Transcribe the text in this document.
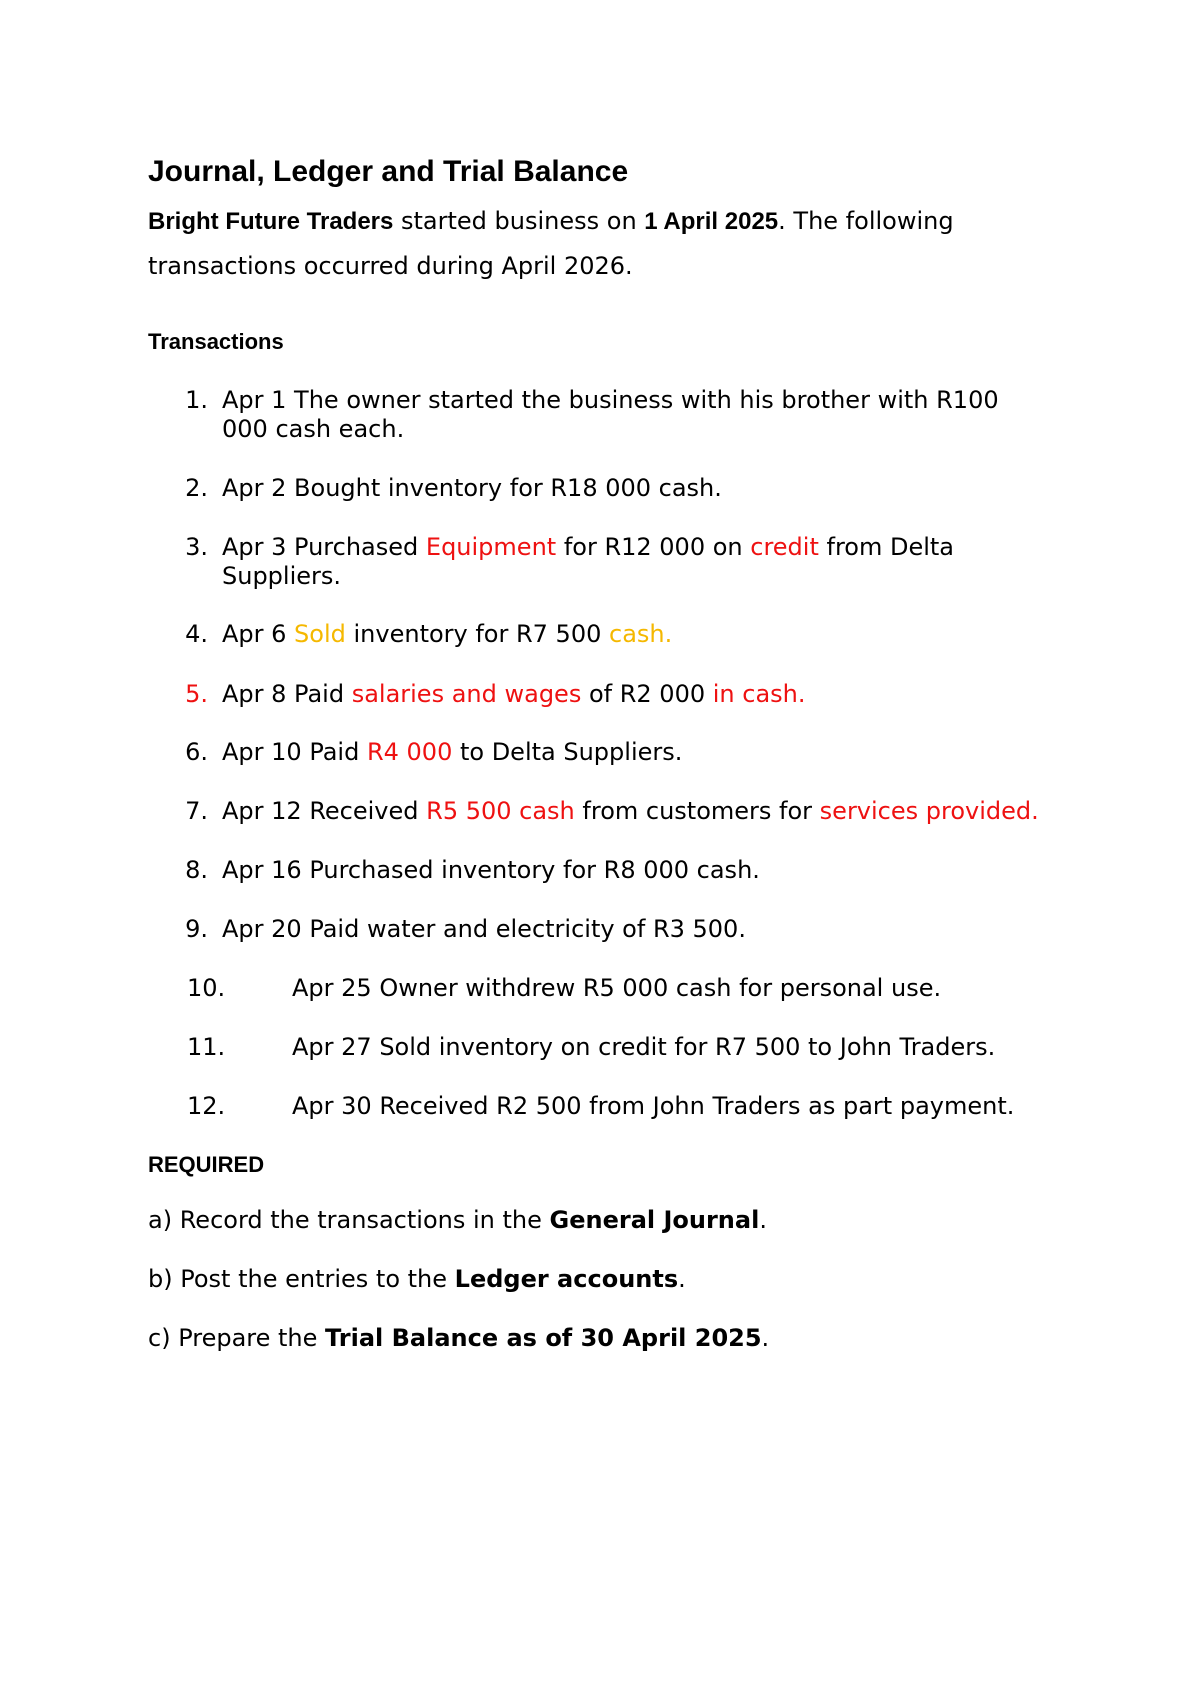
Journal, Ledger and Trial Balance
Bright Future Traders started business on 1 April 2025. The following
transactions occurred during April 2026.
Transactions
1. Apr 1 The owner started the business with his brother with R100
000 cash each.
2. Apr 2 Bought inventory for R18 000 cash.
3. Apr 3 Purchased Equipment for R12 000 on credit from Delta
Suppliers.
4. Apr 6 Sold inventory for R7 500 cash.
5. Apr 8 Paid salaries and wages of R2 000 in cash.
6. Apr 10 Paid R4 000 to Delta Suppliers.
7. Apr 12 Received R5 500 cash from customers for services provided.
8. Apr 16 Purchased inventory for R8 000 cash.
9. Apr 20 Paid water and electricity of R3 500.
10.	Apr 25 Owner withdrew R5 000 cash for personal use.
11.	Apr 27 Sold inventory on credit for R7 500 to John Traders.
12.	Apr 30 Received R2 500 from John Traders as part payment.
REQUIRED
a) Record the transactions in the General Journal.
b) Post the entries to the Ledger accounts.
c) Prepare the Trial Balance as of 30 April 2025.
